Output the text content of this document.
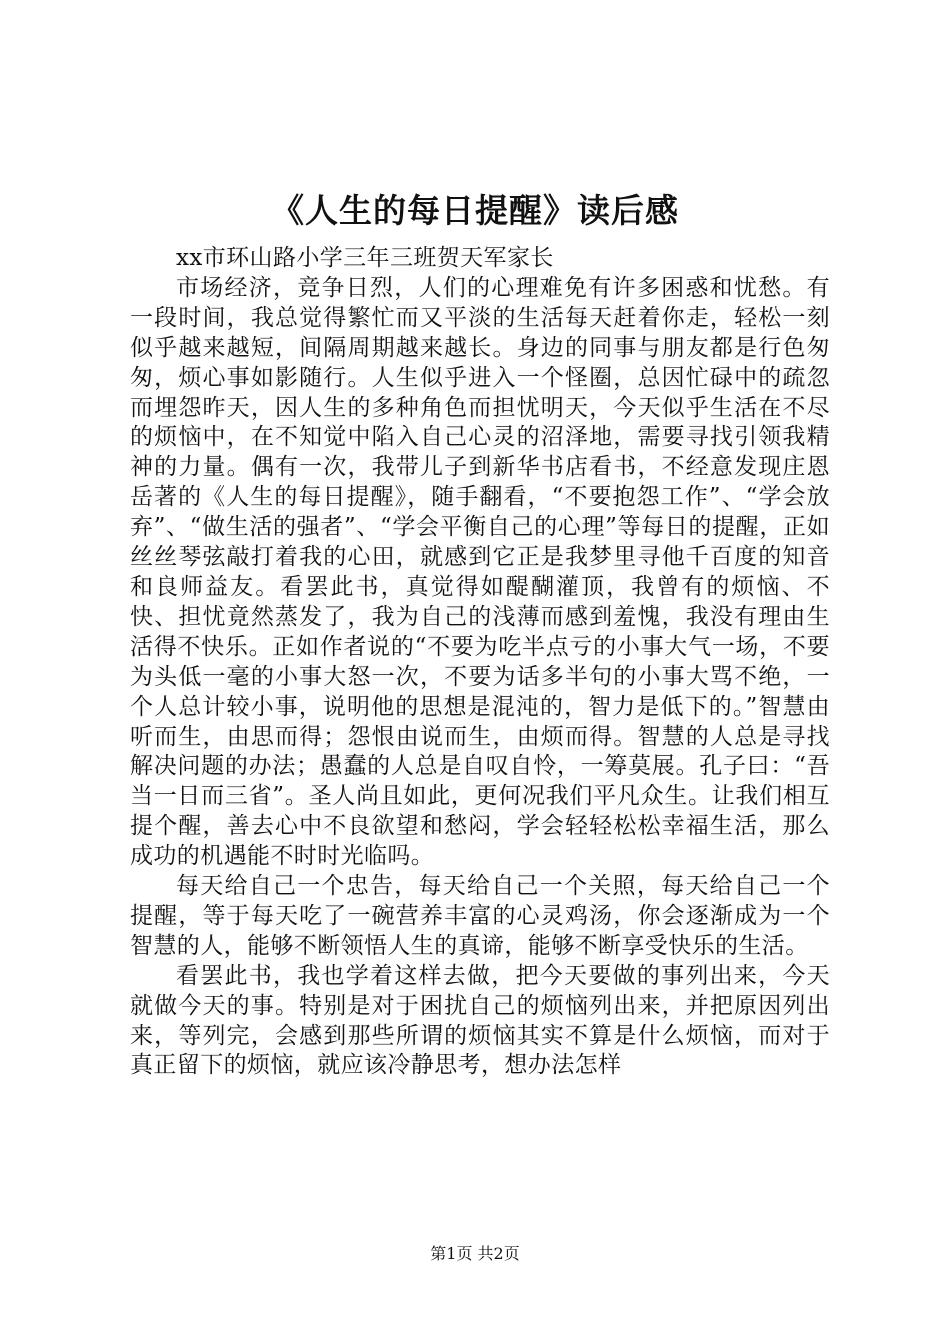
《人生的每日提醒》读后感

xx市环山路小学三年三班贺天军家长

市场经济，竞争日烈，人们的心理难免有许多困惑和忧愁。有一段时间，我总觉得繁忙而又平淡的生活每天赶着你走，轻松一刻似乎越来越短，间隔周期越来越长。身边的同事与朋友都是行色匆匆，烦心事如影随行。人生似乎进入一个怪圈，总因忙碌中的疏忽而埋怨昨天，因人生的多种角色而担忧明天，今天似乎生活在不尽的烦恼中，在不知觉中陷入自己心灵的沼泽地，需要寻找引领我精神的力量。偶有一次，我带儿子到新华书店看书，不经意发现庄恩岳著的《人生的每日提醒》，随手翻看，“不要抱怨工作”、“学会放弃”、“做生活的强者”、“学会平衡自己的心理”等每日的提醒，正如丝丝琴弦敲打着我的心田，就感到它正是我梦里寻他千百度的知音和良师益友。看罢此书，真觉得如醍醐灌顶，我曾有的烦恼、不快、担忧竟然蒸发了，我为自己的浅薄而感到羞愧，我没有理由生活得不快乐。正如作者说的“不要为吃半点亏的小事大气一场，不要为头低一毫的小事大怒一次，不要为话多半句的小事大骂不绝，一个人总计较小事，说明他的思想是混沌的，智力是低下的。”智慧由听而生，由思而得；怨恨由说而生，由烦而得。智慧的人总是寻找解决问题的办法；愚蠢的人总是自叹自怜，一筹莫展。孔子曰：“吾当一日而三省”。圣人尚且如此，更何况我们平凡众生。让我们相互提个醒，善去心中不良欲望和愁闷，学会轻轻松松幸福生活，那么成功的机遇能不时时光临吗。

每天给自己一个忠告，每天给自己一个关照，每天给自己一个提醒，等于每天吃了一碗营养丰富的心灵鸡汤，你会逐渐成为一个智慧的人，能够不断领悟人生的真谛，能够不断享受快乐的生活。

看罢此书，我也学着这样去做，把今天要做的事列出来，今天就做今天的事。特别是对于困扰自己的烦恼列出来，并把原因列出来，等列完，会感到那些所谓的烦恼其实不算是什么烦恼，而对于真正留下的烦恼，就应该冷静思考，想办法怎样

第1页 共2页
